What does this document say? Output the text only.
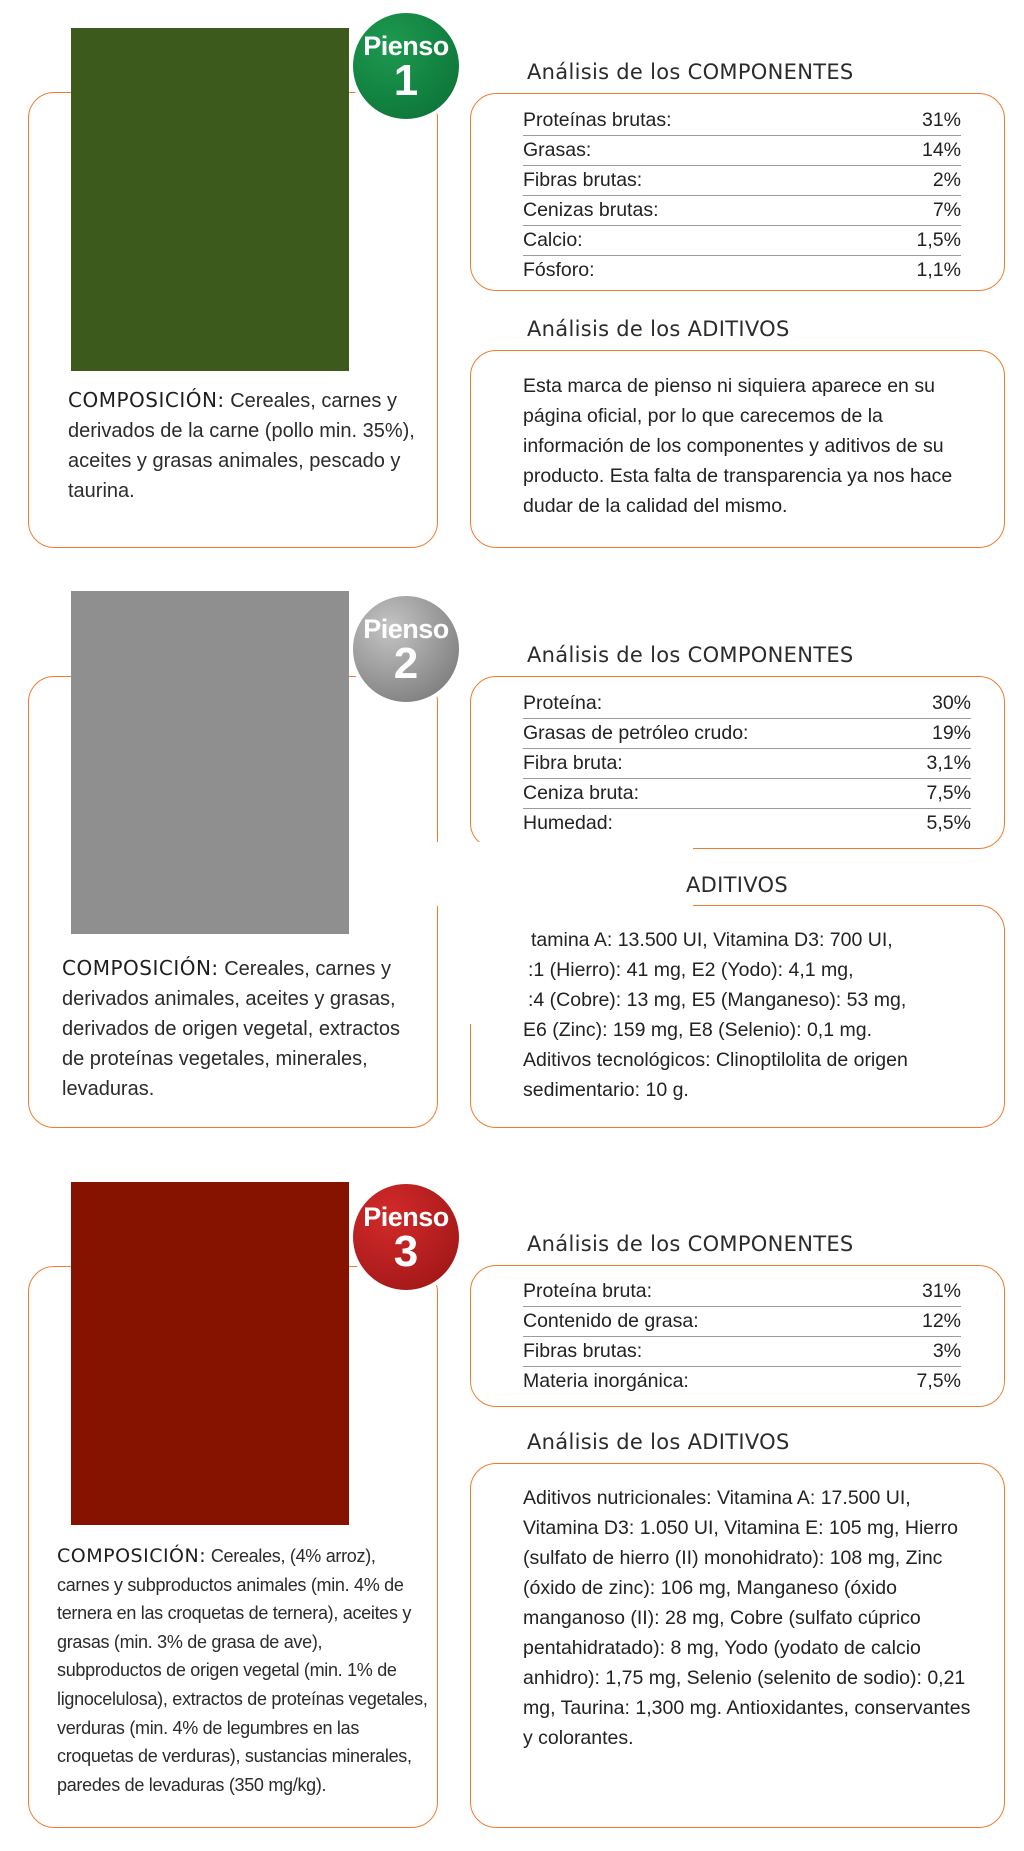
Pienso
1
COMPOSICIÓN: Cereales, carnes y derivados de la carne (pollo min. 35%), aceites y grasas animales, pescado y taurina.
Análisis de los COMPONENTES
Proteínas brutas:	31%
Grasas:	14%
Fibras brutas:	2%
Cenizas brutas:	7%
Calcio:	1,5%
Fósforo:	1,1%
Análisis de los ADITIVOS
Esta marca de pienso ni siquiera aparece en su página oficial, por lo que carecemos de la información de los componentes y aditivos de su producto. Esta falta de transparencia ya nos hace dudar de la calidad del mismo.
Pienso
2
COMPOSICIÓN: Cereales, carnes y derivados animales, aceites y grasas, derivados de origen vegetal, extractos de proteínas vegetales, minerales, levaduras.
Análisis de los COMPONENTES
Proteína:	30%
Grasas de petróleo crudo:	19%
Fibra bruta:	3,1%
Ceniza bruta:	7,5%
Humedad:	5,5%
ADITIVOS
tamina A: 13.500 UI, Vitamina D3: 700 UI,
:1 (Hierro): 41 mg, E2 (Yodo): 4,1 mg,
:4 (Cobre): 13 mg, E5 (Manganeso): 53 mg,
E6 (Zinc): 159 mg, E8 (Selenio): 0,1 mg.
Aditivos tecnológicos: Clinoptilolita de origen
sedimentario: 10 g.
Pienso
3
COMPOSICIÓN: Cereales, (4% arroz), carnes y subproductos animales (min. 4% de ternera en las croquetas de ternera), aceites y grasas (min. 3% de grasa de ave), subproductos de origen vegetal (min. 1% de lignocelulosa), extractos de proteínas vegetales, verduras (min. 4% de legumbres en las croquetas de verduras), sustancias minerales, paredes de levaduras (350 mg/kg).
Análisis de los COMPONENTES
Proteína bruta:	31%
Contenido de grasa:	12%
Fibras brutas:	3%
Materia inorgánica:	7,5%
Análisis de los ADITIVOS
Aditivos nutricionales: Vitamina A: 17.500 UI, Vitamina D3: 1.050 UI, Vitamina E: 105 mg, Hierro (sulfato de hierro (II) monohidrato): 108 mg, Zinc (óxido de zinc): 106 mg, Manganeso (óxido manganoso (II): 28 mg, Cobre (sulfato cúprico pentahidratado): 8 mg, Yodo (yodato de calcio anhidro): 1,75 mg, Selenio (selenito de sodio): 0,21 mg, Taurina: 1,300 mg. Antioxidantes, conservantes y colorantes.
